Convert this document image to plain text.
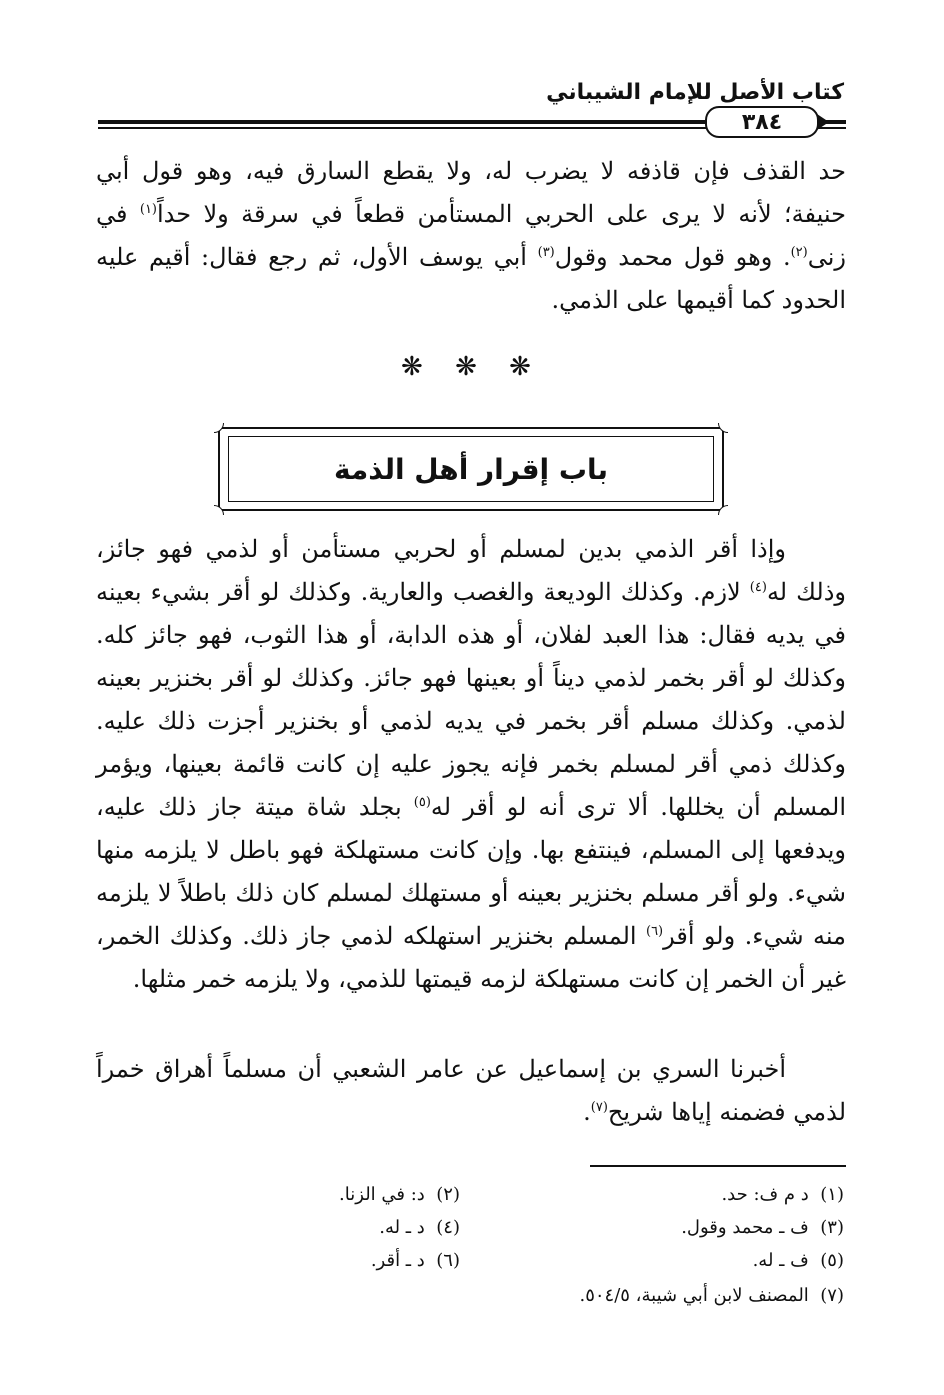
كتاب الأصل للإمام الشيباني
٣٨٤
حد القذف فإن قاذفه لا يضرب له، ولا يقطع السارق فيه، وهو قول أبي حنيفة؛ لأنه لا يرى على الحربي المستأمن قطعاً في سرقة ولا حداً$^{(١)}$ في زنى$^{(٢)}$. وهو قول محمد وقول$^{(٣)}$ أبي يوسف الأول، ثم رجع فقال: أقيم عليه الحدود كما أقيمها على الذمي.
❋ ❋ ❋
باب إقرار أهل الذمة
وإذا أقر الذمي بدين لمسلم أو لحربي مستأمن أو لذمي فهو جائز، وذلك له$^{(٤)}$ لازم. وكذلك الوديعة والغصب والعارية. وكذلك لو أقر بشيء بعينه في يديه فقال: هذا العبد لفلان، أو هذه الدابة، أو هذا الثوب، فهو جائز كله. وكذلك لو أقر بخمر لذمي ديناً أو بعينها فهو جائز. وكذلك لو أقر بخنزير بعينه لذمي. وكذلك مسلم أقر بخمر في يديه لذمي أو بخنزير أجزت ذلك عليه. وكذلك ذمي أقر لمسلم بخمر فإنه يجوز عليه إن كانت قائمة بعينها، ويؤمر المسلم أن يخللها. ألا ترى أنه لو أقر له$^{(٥)}$ بجلد شاة ميتة جاز ذلك عليه، ويدفعها إلى المسلم، فينتفع بها. وإن كانت مستهلكة فهو باطل لا يلزمه منها شيء. ولو أقر مسلم بخنزير بعينه أو مستهلك لمسلم كان ذلك باطلاً لا يلزمه منه شيء. ولو أقر$^{(٦)}$ المسلم بخنزير استهلكه لذمي جاز ذلك. وكذلك الخمر، غير أن الخمر إن كانت مستهلكة لزمه قيمتها للذمي، ولا يلزمه خمر مثلها.
أخبرنا السري بن إسماعيل عن عامر الشعبي أن مسلماً أهراق خمراً لذمي فضمنه إياها شريح$^{(٧)}$.
(١)  د م ف: حد.
(٢)  د: في الزنا.
(٣)  ف ـ محمد وقول.
(٤)  د ـ له.
(٥)  ف ـ له.
(٦)  د ـ أقر.
(٧)  المصنف لابن أبي شيبة، ٥٠٤/٥.
